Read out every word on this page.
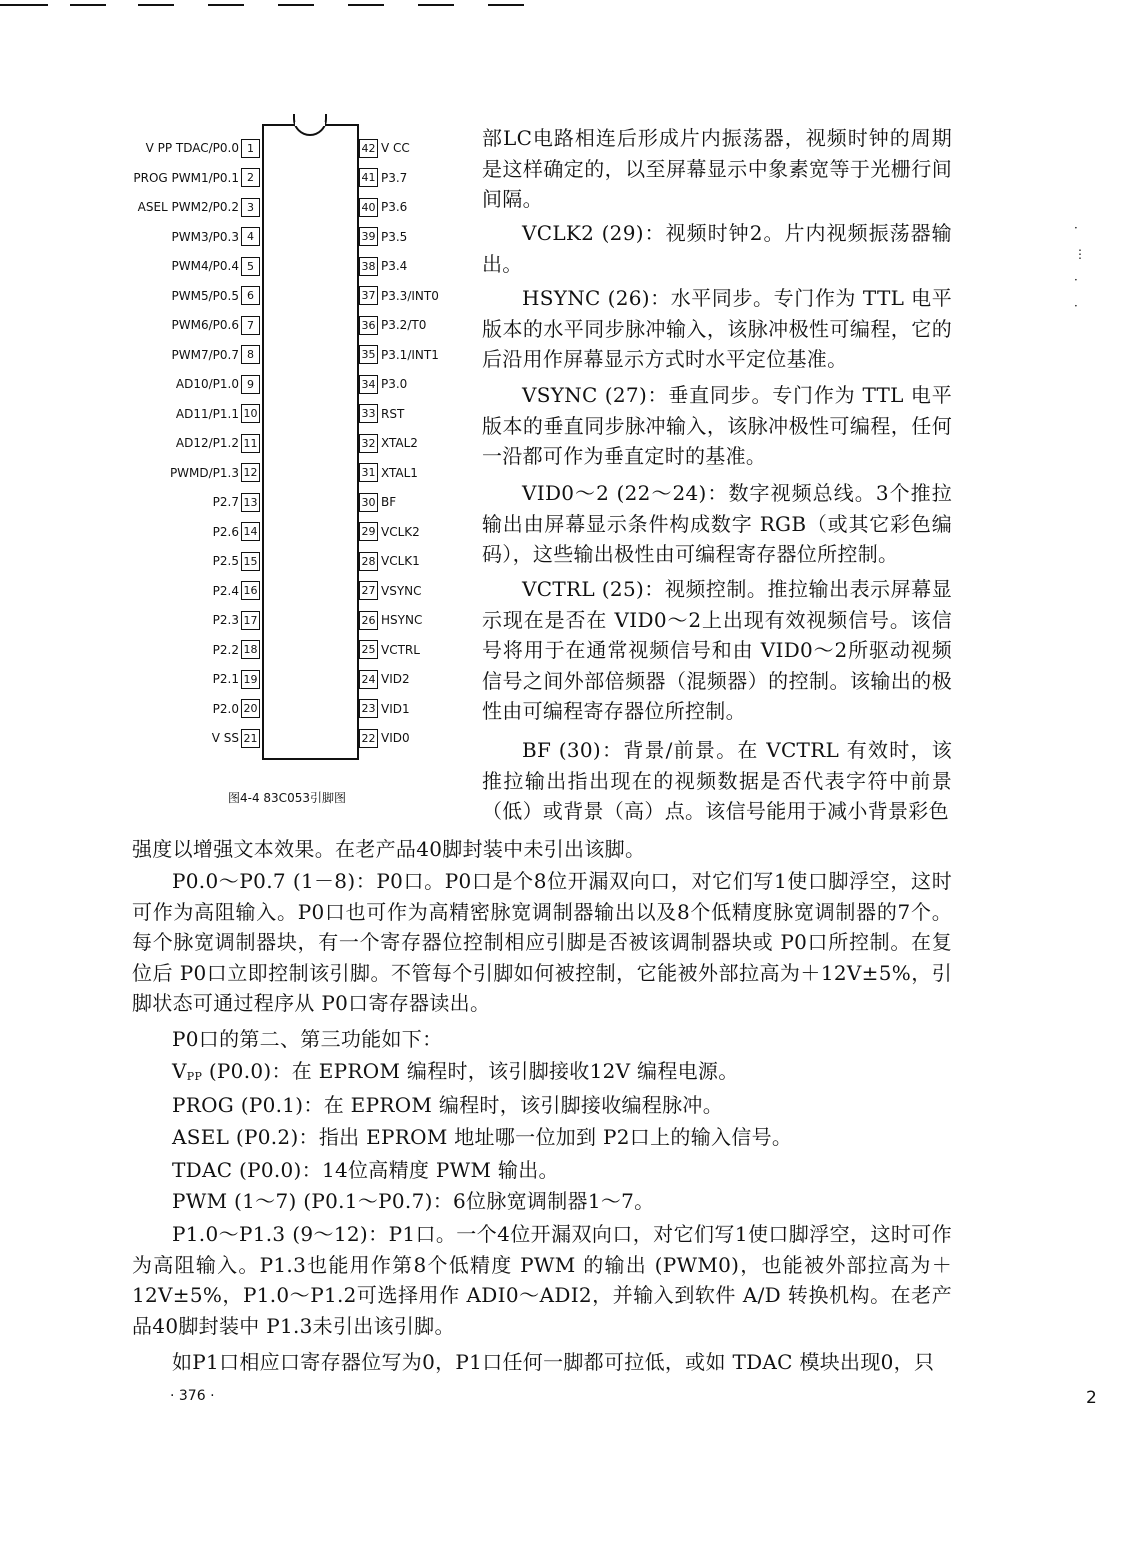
V PP TDAC/P0.0 1
PROG PWM1/P0.1 2
ASEL PWM2/P0.2 3
PWM3/P0.3 4
PWM4/P0.4 5
PWM5/P0.5 6
PWM6/P0.6 7
PWM7/P0.7 8
AD10/P1.0 9
AD11/P1.1 10
AD12/P1.2 11
PWMD/P1.3 12
P2.7 13
P2.6 14
P2.5 15
P2.4 16
P2.3 17
P2.2 18
P2.1 19
P2.0 20
V SS 21
42 V CC
41 P3.7
40 P3.6
39 P3.5
38 P3.4
37 P3.3/INT0
36 P3.2/T0
35 P3.1/INT1
34 P3.0
33 RST
32 XTAL2
31 XTAL1
30 BF
29 VCLK2
28 VCLK1
27 VSYNC
26 HSYNC
25 VCTRL
24 VID2
23 VID1
22 VID0
图4-4 83C053引脚图

部LC电路相连后形成片内振荡器，视频时钟的周期是这样确定的，以至屏幕显示中象素宽等于光栅行间间隔。

VCLK2 (29)：视频时钟2。片内视频振荡器输出。

HSYNC (26)：水平同步。专门作为 TTL 电平版本的水平同步脉冲输入，该脉冲极性可编程，它的后沿用作屏幕显示方式时水平定位基准。

VSYNC (27)：垂直同步。专门作为 TTL 电平版本的垂直同步脉冲输入，该脉冲极性可编程，任何一沿都可作为垂直定时的基准。

VID0～2 (22～24)：数字视频总线。3个推拉输出由屏幕显示条件构成数字 RGB（或其它彩色编码），这些输出极性由可编程寄存器位所控制。

VCTRL (25)：视频控制。推拉输出表示屏幕显示现在是否在 VID0～2上出现有效视频信号。该信号将用于在通常视频信号和由 VID0～2所驱动视频信号之间外部倍频器（混频器）的控制。该输出的极性由可编程寄存器位所控制。

BF (30)：背景/前景。在 VCTRL 有效时，该推拉输出指出现在的视频数据是否代表字符中前景（低）或背景（高）点。该信号能用于减小背景彩色

强度以增强文本效果。在老产品40脚封装中未引出该脚。

P0.0～P0.7 (1－8)：P0口。P0口是个8位开漏双向口，对它们写1使口脚浮空，这时可作为高阻输入。P0口也可作为高精密脉宽调制器输出以及8个低精度脉宽调制器的7个。每个脉宽调制器块，有一个寄存器位控制相应引脚是否被该调制器块或 P0口所控制。在复位后 P0口立即控制该引脚。不管每个引脚如何被控制，它能被外部拉高为＋12V±5%，引脚状态可通过程序从 P0口寄存器读出。

P0口的第二、第三功能如下：

VPP (P0.0)：在 EPROM 编程时，该引脚接收12V 编程电源。

PROG (P0.1)：在 EPROM 编程时，该引脚接收编程脉冲。

ASEL (P0.2)：指出 EPROM 地址哪一位加到 P2口上的输入信号。

TDAC (P0.0)：14位高精度 PWM 输出。

PWM (1～7) (P0.1～P0.7)：6位脉宽调制器1～7。

P1.0～P1.3 (9～12)：P1口。一个4位开漏双向口，对它们写1使口脚浮空，这时可作为高阻输入。P1.3也能用作第8个低精度 PWM 的输出 (PWM0)，也能被外部拉高为＋12V±5%，P1.0～P1.2可选择用作 ADI0～ADI2，并输入到软件 A/D 转换机构。在老产品40脚封装中 P1.3未引出该引脚。

如P1口相应口寄存器位写为0，P1口任何一脚都可拉低，或如 TDAC 模块出现0，只

· 376 ·	2
·
⋮
·
·
